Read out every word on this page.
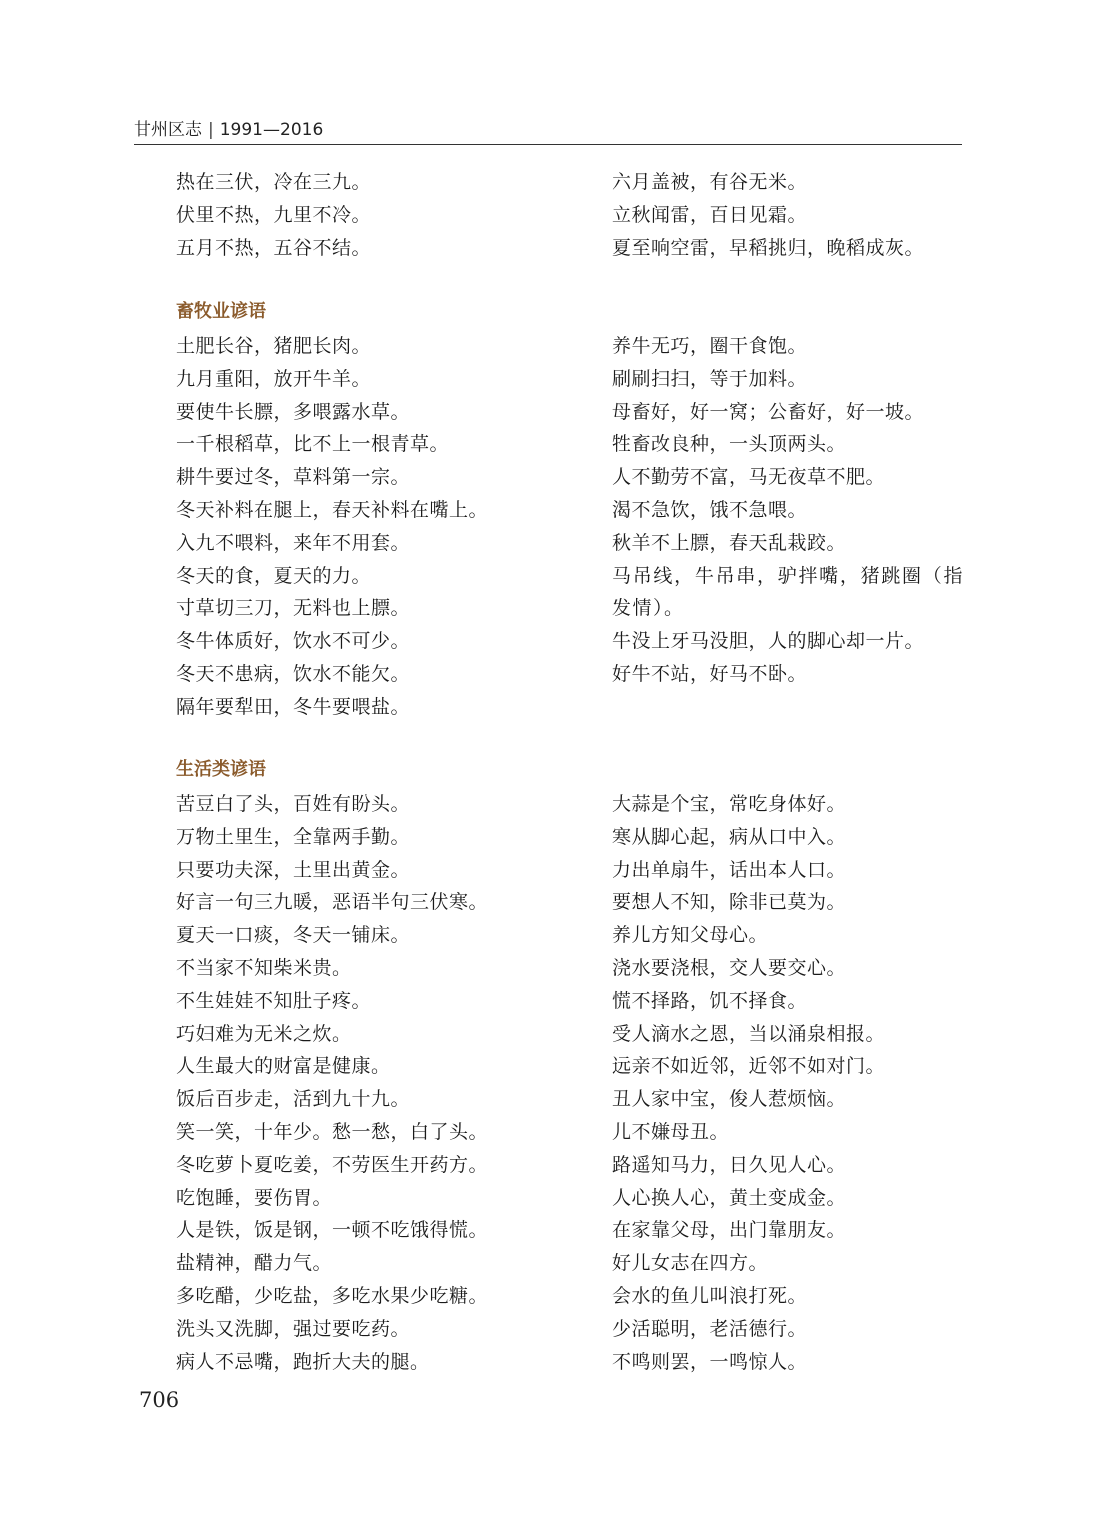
甘州区志 | 1991—2016
热在三伏，冷在三九。
伏里不热，九里不冷。
五月不热，五谷不结。
六月盖被，有谷无米。
立秋闻雷，百日见霜。
夏至响空雷，早稻挑归，晚稻成灰。
畜牧业谚语
土肥长谷，猪肥长肉。
九月重阳，放开牛羊。
要使牛长膘，多喂露水草。
一千根稻草，比不上一根青草。
耕牛要过冬，草料第一宗。
冬天补料在腿上，春天补料在嘴上。
入九不喂料，来年不用套。
冬天的食，夏天的力。
寸草切三刀，无料也上膘。
冬牛体质好，饮水不可少。
冬天不患病，饮水不能欠。
隔年要犁田，冬牛要喂盐。
养牛无巧，圈干食饱。
刷刷扫扫，等于加料。
母畜好，好一窝；公畜好，好一坡。
牲畜改良种，一头顶两头。
人不勤劳不富，马无夜草不肥。
渴不急饮，饿不急喂。
秋羊不上膘，春天乱栽跤。
马吊线，牛吊串，驴拌嘴，猪跳圈（指发情）。
牛没上牙马没胆，人的脚心却一片。
好牛不站，好马不卧。
生活类谚语
苦豆白了头，百姓有盼头。
万物土里生，全靠两手勤。
只要功夫深，土里出黄金。
好言一句三九暖，恶语半句三伏寒。
夏天一口痰，冬天一铺床。
不当家不知柴米贵。
不生娃娃不知肚子疼。
巧妇难为无米之炊。
人生最大的财富是健康。
饭后百步走，活到九十九。
笑一笑，十年少。愁一愁，白了头。
冬吃萝卜夏吃姜，不劳医生开药方。
吃饱睡，要伤胃。
人是铁，饭是钢，一顿不吃饿得慌。
盐精神，醋力气。
多吃醋，少吃盐，多吃水果少吃糖。
洗头又洗脚，强过要吃药。
病人不忌嘴，跑折大夫的腿。
大蒜是个宝，常吃身体好。
寒从脚心起，病从口中入。
力出单扇牛，话出本人口。
要想人不知，除非已莫为。
养儿方知父母心。
浇水要浇根，交人要交心。
慌不择路，饥不择食。
受人滴水之恩，当以涌泉相报。
远亲不如近邻，近邻不如对门。
丑人家中宝，俊人惹烦恼。
儿不嫌母丑。
路遥知马力，日久见人心。
人心换人心，黄土变成金。
在家靠父母，出门靠朋友。
好儿女志在四方。
会水的鱼儿叫浪打死。
少活聪明，老活德行。
不鸣则罢，一鸣惊人。
706
